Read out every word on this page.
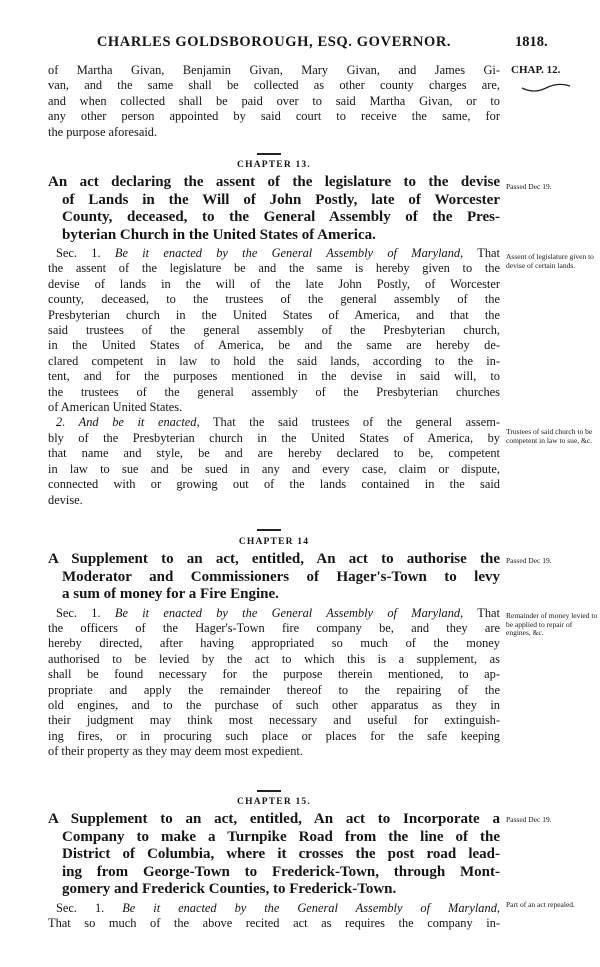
CHARLES GOLDSBOROUGH, ESQ. GOVERNOR.	1818.

of Martha Givan, Benjamin Givan, Mary Givan, and James Gi-

van, and the same shall be collected as other county charges are,

and when collected shall be paid over to said Martha Givan, or to

any other person appointed by said court to receive the same, for

the purpose aforesaid.

CHAP. 12.
CHAPTER 13.

An act declaring the assent of the legislature to the devise

of Lands in the Will of John Postly, late of Worcester

County, deceased, to the General Assembly of the Pres-

byterian Church in the United States of America.

Sec. 1. Be it enacted by the General Assembly of Maryland, That

the assent of the legislature be and the same is hereby given to the

devise of lands in the will of the late John Postly, of Worcester

county, deceased, to the trustees of the general assembly of the

Presbyterian church in the United States of America, and that the

said trustees of the general assembly of the Presbyterian church,

in the United States of America, be and the same are hereby de-

clared competent in law to hold the said lands, according to the in-

tent, and for the purposes mentioned in the devise in said will, to

the trustees of the general assembly of the Presbyterian churches

of American United States.

2. And be it enacted, That the said trustees of the general assem-

bly of the Presbyterian church in the United States of America, by

that name and style, be and are hereby declared to be, competent

in law to sue and be sued in any and every case, claim or dispute,

connected with or growing out of the lands contained in the said

devise.

Passed Dec 19.
Assent of legislature given to devise of certain lands.
Trustees of said church to be competent in law to sue, &c.
CHAPTER 14

A Supplement to an act, entitled, An act to authorise the

Moderator and Commissioners of Hager's-Town to levy

a sum of money for a Fire Engine.

Sec. 1. Be it enacted by the General Assembly of Maryland, That

the officers of the Hager's-Town fire company be, and they are

hereby directed, after having appropriated so much of the money

authorised to be levied by the act to which this is a supplement, as

shall be found necessary for the purpose therein mentioned, to ap-

propriate and apply the remainder thereof to the repairing of the

old engines, and to the purchase of such other apparatus as they in

their judgment may think most necessary and useful for extinguish-

ing fires, or in procuring such place or places for the safe keeping

of their property as they may deem most expedient.

Passed Dec 19.
Remainder of money levied to be applied to repair of engines, &c.
CHAPTER 15.

A Supplement to an act, entitled, An act to Incorporate a

Company to make a Turnpike Road from the line of the

District of Columbia, where it crosses the post road lead-

ing from George-Town to Frederick-Town, through Mont-

gomery and Frederick Counties, to Frederick-Town.

Sec. 1. Be it enacted by the General Assembly of Maryland,

That so much of the above recited act as requires the company in-

Passed Dec 19.
Part of an act repealed.
